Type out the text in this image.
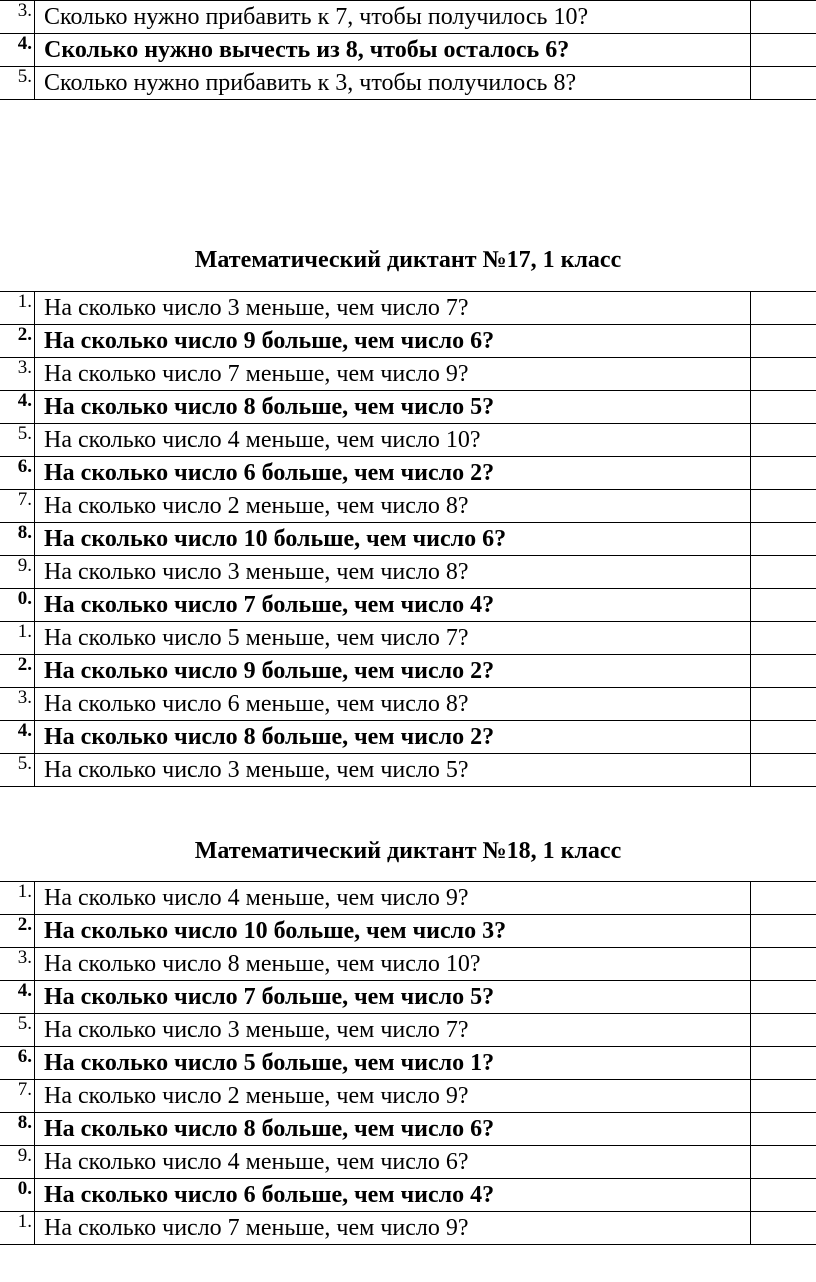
3.	Сколько нужно прибавить к 7, чтобы получилось 10?	
4.	Сколько нужно вычесть из 8, чтобы осталось 6?	
5.	Сколько нужно прибавить к 3, чтобы получилось 8?	
Математический диктант №17, 1 класс
1.	На сколько число 3 меньше, чем число 7?	
2.	На сколько число 9 больше, чем число 6?	
3.	На сколько число 7 меньше, чем число 9?	
4.	На сколько число 8 больше, чем число 5?	
5.	На сколько число 4 меньше, чем число 10?	
6.	На сколько число 6 больше, чем число 2?	
7.	На сколько число 2 меньше, чем число 8?	
8.	На сколько число 10 больше, чем число 6?	
9.	На сколько число 3 меньше, чем число 8?	
0.	На сколько число 7 больше, чем число 4?	
1.	На сколько число 5 меньше, чем число 7?	
2.	На сколько число 9 больше, чем число 2?	
3.	На сколько число 6 меньше, чем число 8?	
4.	На сколько число 8 больше, чем число 2?	
5.	На сколько число 3 меньше, чем число 5?	
Математический диктант №18, 1 класс
1.	На сколько число 4 меньше, чем число 9?	
2.	На сколько число 10 больше, чем число 3?	
3.	На сколько число 8 меньше, чем число 10?	
4.	На сколько число 7 больше, чем число 5?	
5.	На сколько число 3 меньше, чем число 7?	
6.	На сколько число 5 больше, чем число 1?	
7.	На сколько число 2 меньше, чем число 9?	
8.	На сколько число 8 больше, чем число 6?	
9.	На сколько число 4 меньше, чем число 6?	
0.	На сколько число 6 больше, чем число 4?	
1.	На сколько число 7 меньше, чем число 9?	
